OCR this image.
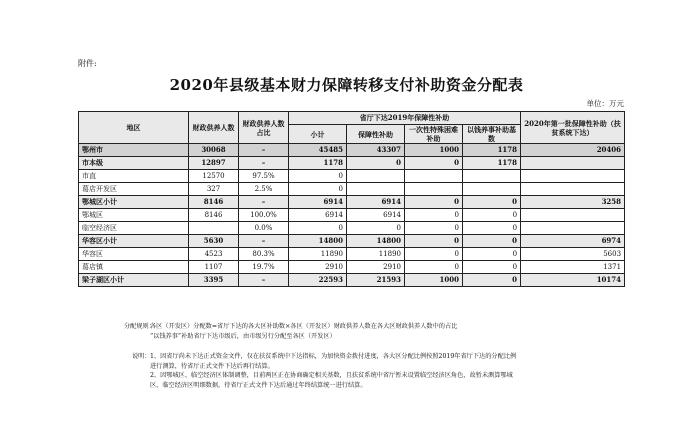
附件:
2020年县级基本财力保障转移支付补助资金分配表
单位：万元
地区	财政供养人数	财政供养人数占比	省厅下达2019年保障性补助				2020年第一批保障性补助（扶贫系统下达）
			小计	保障性补助	一次性特殊困难补助	以钱养事补助基数	
鄂州市	30068	–	45485	43307	1000	1178	20406
市本级	12897	–	1178	0	0	1178	
市直	12570	97.5%	0				
葛店开发区	327	2.5%	0				
鄂城区小计	8146	–	6914	6914	0	0	3258
鄂城区	8146	100.0%	6914	6914	0	0	
临空经济区		0.0%	0	0	0	0	
华容区小计	5630	–	14800	14800	0	0	6974
华容区	4523	80.3%	11890	11890	0	0	5603
葛店镇	1107	19.7%	2910	2910	0	0	1371
梁子湖区小计	3395	–	22593	21593	1000	0	10174
分配规则：

各区（开发区）分配数=省厅下达的各大区补助数×各区（开发区）财政供养人数在各大区财政供养人数中的占比

“以钱养事”补助省厅下达市级后，由市级另行分配至各区（开发区）

说明： 1、因省厅尚未下达正式资金文件，仅在扶贫系统中下达指标，为加快资金拨付进度，各大区分配比例按照2019年省厅下达的分配比例

进行测算，待省厅正式文件下达后再行结算。

2、因鄂城区、临空经济区体制调整，目前两区正在协商确定相关基数，且扶贫系统中省厅暂未设置临空经济区角色，故暂未测算鄂城

区、临空经济区明细数据，待省厅正式文件下达后通过年终结算统一进行结算。
